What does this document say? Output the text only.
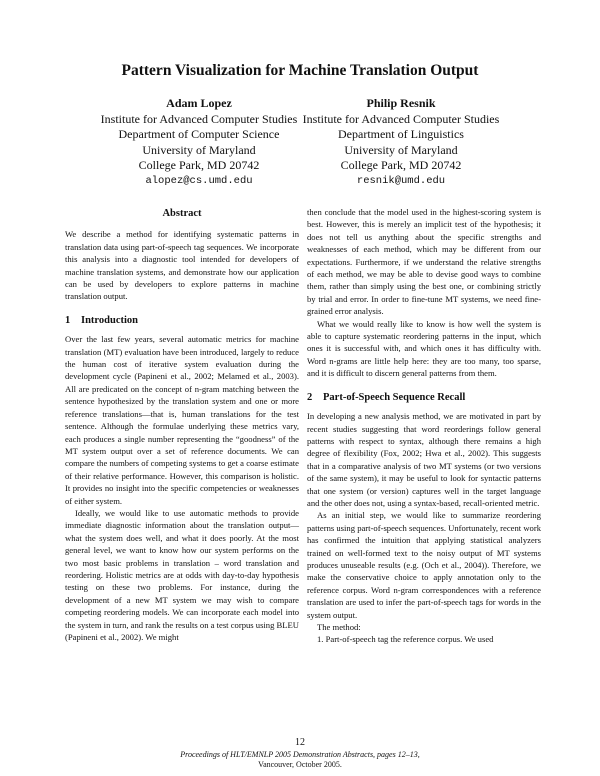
Pattern Visualization for Machine Translation Output
Adam Lopez
Institute for Advanced Computer Studies
Department of Computer Science
University of Maryland
College Park, MD 20742
alopez@cs.umd.edu
Philip Resnik
Institute for Advanced Computer Studies
Department of Linguistics
University of Maryland
College Park, MD 20742
resnik@umd.edu
Abstract

We describe a method for identifying systematic patterns in translation data using part-of-speech tag sequences. We incorporate this analysis into a diagnostic tool intended for developers of machine translation systems, and demonstrate how our application can be used by developers to explore patterns in machine translation output.

1 Introduction

Over the last few years, several automatic metrics for machine translation (MT) evaluation have been introduced, largely to reduce the human cost of iterative system evaluation during the development cycle (Papineni et al., 2002; Melamed et al., 2003). All are predicated on the concept of n-gram matching between the sentence hypothesized by the translation system and one or more reference translations—that is, human translations for the test sentence. Although the formulae underlying these metrics vary, each produces a single number representing the “goodness” of the MT system output over a set of reference documents. We can compare the numbers of competing systems to get a coarse estimate of their relative performance. However, this comparison is holistic. It provides no insight into the specific competencies or weaknesses of either system.

Ideally, we would like to use automatic methods to provide immediate diagnostic information about the translation output—what the system does well, and what it does poorly. At the most general level, we want to know how our system performs on the two most basic problems in translation – word translation and reordering. Holistic metrics are at odds with day-to-day hypothesis testing on these two problems. For instance, during the development of a new MT system we may wish to compare competing reordering models. We can incorporate each model into the system in turn, and rank the results on a test corpus using BLEU (Papineni et al., 2002). We might

then conclude that the model used in the highest-scoring system is best. However, this is merely an implicit test of the hypothesis; it does not tell us anything about the specific strengths and weaknesses of each method, which may be different from our expectations. Furthermore, if we understand the relative strengths of each method, we may be able to devise good ways to combine them, rather than simply using the best one, or combining strictly by trial and error. In order to fine-tune MT systems, we need fine-grained error analysis.

What we would really like to know is how well the system is able to capture systematic reordering patterns in the input, which ones it is successful with, and which ones it has difficulty with. Word n-grams are little help here: they are too many, too sparse, and it is difficult to discern general patterns from them.

2 Part-of-Speech Sequence Recall

In developing a new analysis method, we are motivated in part by recent studies suggesting that word reorderings follow general patterns with respect to syntax, although there remains a high degree of flexibility (Fox, 2002; Hwa et al., 2002). This suggests that in a comparative analysis of two MT systems (or two versions of the same system), it may be useful to look for syntactic patterns that one system (or version) captures well in the target language and the other does not, using a syntax-based, recall-oriented metric.

As an initial step, we would like to summarize reordering patterns using part-of-speech sequences. Unfortunately, recent work has confirmed the intuition that applying statistical analyzers trained on well-formed text to the noisy output of MT systems produces unuseable results (e.g. (Och et al., 2004)). Therefore, we make the conservative choice to apply annotation only to the reference corpus. Word n-gram correspondences with a reference translation are used to infer the part-of-speech tags for words in the system output.

The method:

1. Part-of-speech tag the reference corpus. We used

12
Proceedings of HLT/EMNLP 2005 Demonstration Abstracts, pages 12–13,
Vancouver, October 2005.
